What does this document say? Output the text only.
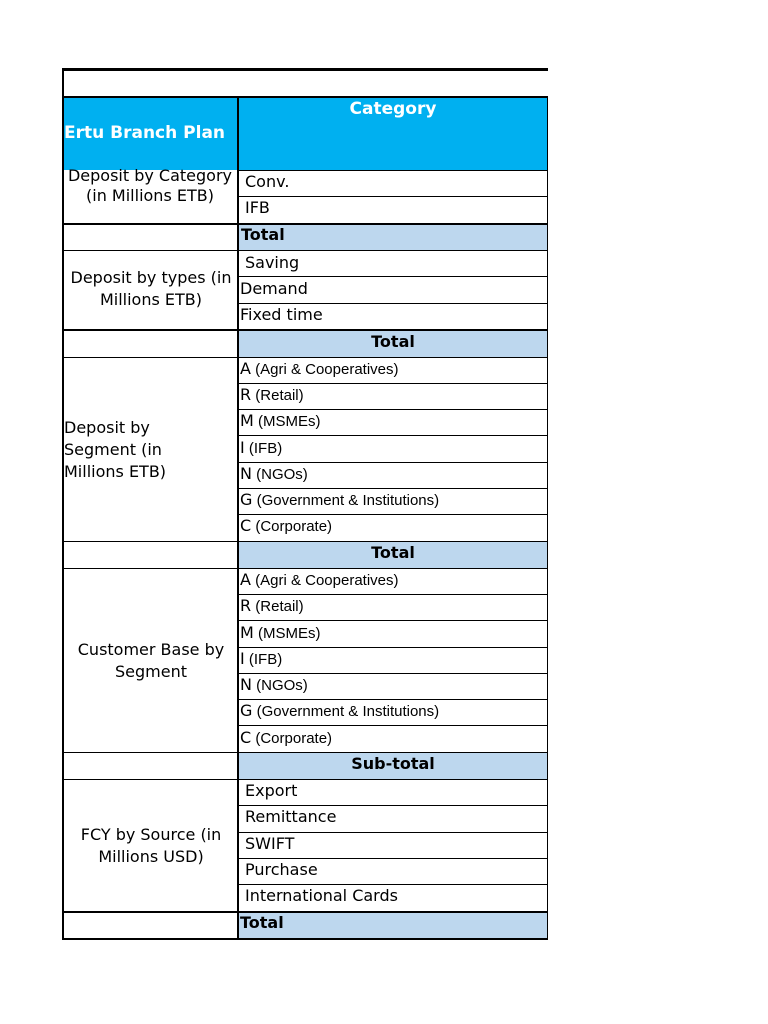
Ertu Branch Plan
Category
Deposit by Category (in Millions ETB)
Conv.
IFB
Total
Deposit by types (in Millions ETB)
Saving
Demand
Fixed time
Total
Deposit by Segment (in Millions ETB)
A (Agri & Cooperatives)
R (Retail)
M (MSMEs)
I (IFB)
N (NGOs)
G (Government & Institutions)
C (Corporate)
Total
Customer Base by Segment
A (Agri & Cooperatives)
R (Retail)
M (MSMEs)
I (IFB)
N (NGOs)
G (Government & Institutions)
C (Corporate)
Sub-total
FCY by Source (in Millions USD)
Export
Remittance
SWIFT
Purchase
International Cards
Total
